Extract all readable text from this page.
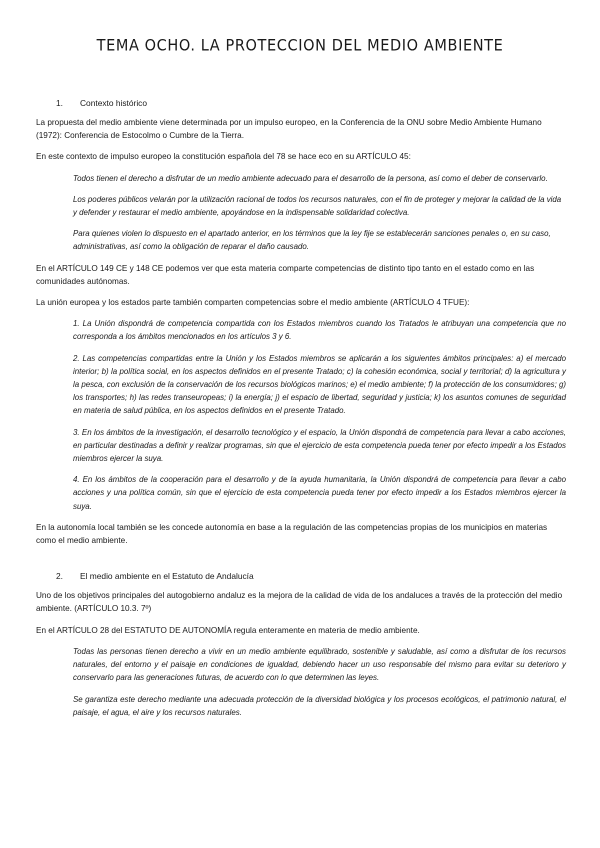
TEMA OCHO. LA PROTECCION DEL MEDIO AMBIENTE
1. Contexto histórico

La propuesta del medio ambiente viene determinada por un impulso europeo, en la Conferencia de la ONU sobre Medio Ambiente Humano (1972): Conferencia de Estocolmo o Cumbre de la Tierra.

En este contexto de impulso europeo la constitución española del 78 se hace eco en su ARTÍCULO 45:

Todos tienen el derecho a disfrutar de un medio ambiente adecuado para el desarrollo de la persona, así como el deber de conservarlo.

Los poderes públicos velarán por la utilización racional de todos los recursos naturales, con el fin de proteger y mejorar la calidad de la vida y defender y restaurar el medio ambiente, apoyándose en la indispensable solidaridad colectiva.

Para quienes violen lo dispuesto en el apartado anterior, en los términos que la ley fije se establecerán sanciones penales o, en su caso, administrativas, así como la obligación de reparar el daño causado.

En el ARTÍCULO 149 CE y 148 CE podemos ver que esta materia comparte competencias de distinto tipo tanto en el estado como en las comunidades autónomas.

La unión europea y los estados parte también comparten competencias sobre el medio ambiente (ARTÍCULO 4 TFUE):

1. La Unión dispondrá de competencia compartida con los Estados miembros cuando los Tratados le atribuyan una competencia que no corresponda a los ámbitos mencionados en los artículos 3 y 6.

2. Las competencias compartidas entre la Unión y los Estados miembros se aplicarán a los siguientes ámbitos principales: a) el mercado interior; b) la política social, en los aspectos definidos en el presente Tratado; c) la cohesión económica, social y territorial; d) la agricultura y la pesca, con exclusión de la conservación de los recursos biológicos marinos; e) el medio ambiente; f) la protección de los consumidores; g) los transportes; h) las redes transeuropeas; i) la energía; j) el espacio de libertad, seguridad y justicia; k) los asuntos comunes de seguridad en materia de salud pública, en los aspectos definidos en el presente Tratado.

3. En los ámbitos de la investigación, el desarrollo tecnológico y el espacio, la Unión dispondrá de competencia para llevar a cabo acciones, en particular destinadas a definir y realizar programas, sin que el ejercicio de esta competencia pueda tener por efecto impedir a los Estados miembros ejercer la suya.

4. En los ámbitos de la cooperación para el desarrollo y de la ayuda humanitaria, la Unión dispondrá de competencia para llevar a cabo acciones y una política común, sin que el ejercicio de esta competencia pueda tener por efecto impedir a los Estados miembros ejercer la suya.

En la autonomía local también se les concede autonomía en base a la regulación de las competencias propias de los municipios en materias como el medio ambiente.

2. El medio ambiente en el Estatuto de Andalucía

Uno de los objetivos principales del autogobierno andaluz es la mejora de la calidad de vida de los andaluces a través de la protección del medio ambiente. (ARTÍCULO 10.3. 7º)

En el ARTÍCULO 28 del ESTATUTO DE AUTONOMÍA regula enteramente en materia de medio ambiente.

Todas las personas tienen derecho a vivir en un medio ambiente equilibrado, sostenible y saludable, así como a disfrutar de los recursos naturales, del entorno y el paisaje en condiciones de igualdad, debiendo hacer un uso responsable del mismo para evitar su deterioro y conservarlo para las generaciones futuras, de acuerdo con lo que determinen las leyes.

Se garantiza este derecho mediante una adecuada protección de la diversidad biológica y los procesos ecológicos, el patrimonio natural, el paisaje, el agua, el aire y los recursos naturales.
